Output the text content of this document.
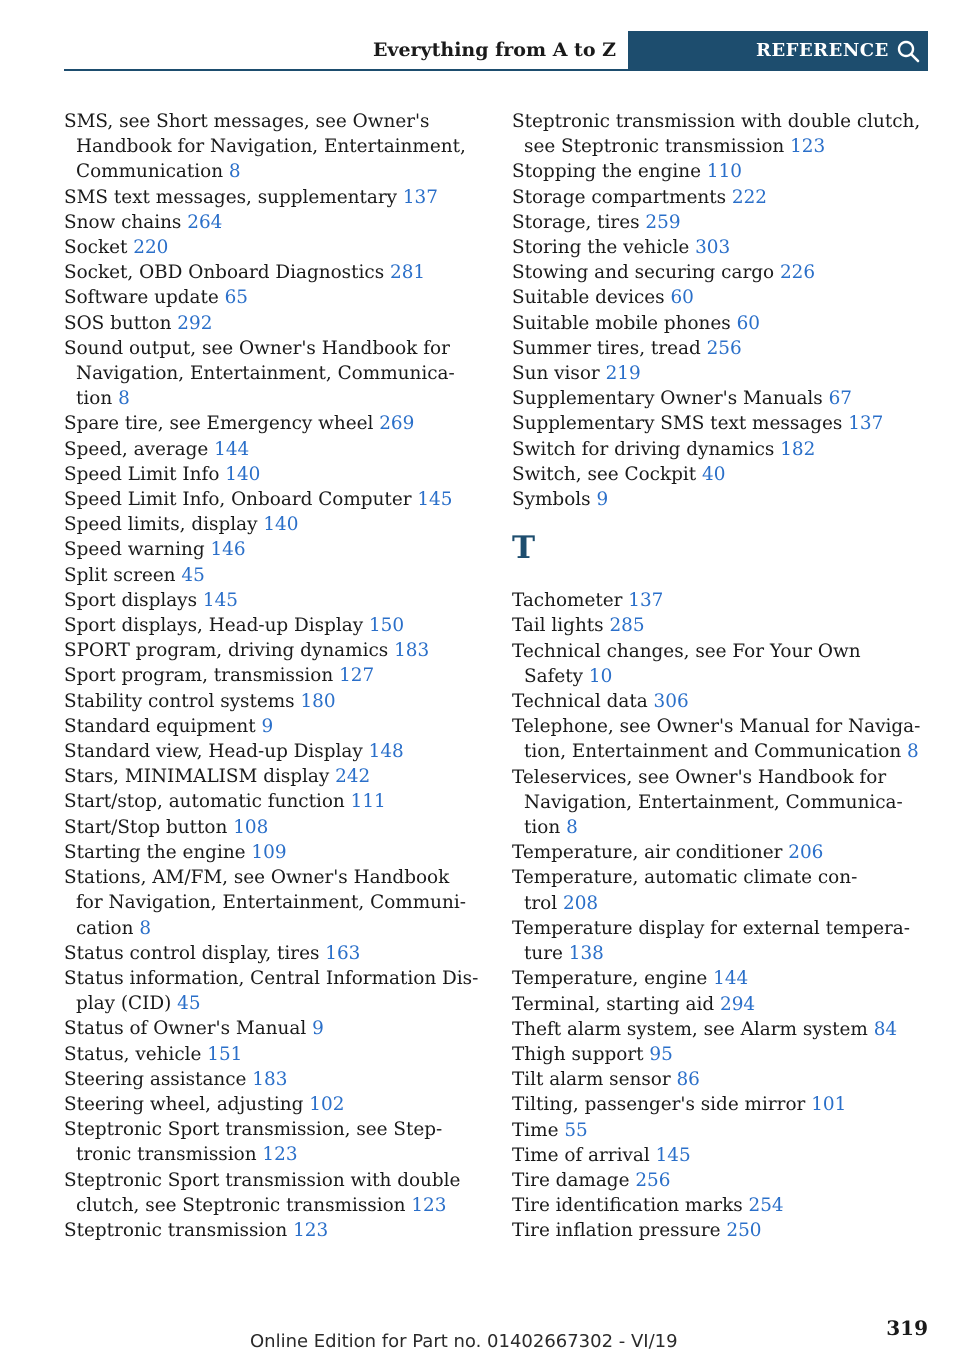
Everything from A to Z	REFERENCE
SMS, see Short messages, see Owner's
Handbook for Navigation, Entertainment,
Communication 8
SMS text messages, supplementary 137
Snow chains 264
Socket 220
Socket, OBD Onboard Diagnostics 281
Software update 65
SOS button 292
Sound output, see Owner's Handbook for
Navigation, Entertainment, Communica-
tion 8
Spare tire, see Emergency wheel 269
Speed, average 144
Speed Limit Info 140
Speed Limit Info, Onboard Computer 145
Speed limits, display 140
Speed warning 146
Split screen 45
Sport displays 145
Sport displays, Head-up Display 150
SPORT program, driving dynamics 183
Sport program, transmission 127
Stability control systems 180
Standard equipment 9
Standard view, Head-up Display 148
Stars, MINIMALISM display 242
Start/stop, automatic function 111
Start/Stop button 108
Starting the engine 109
Stations, AM/FM, see Owner's Handbook
for Navigation, Entertainment, Communi-
cation 8
Status control display, tires 163
Status information, Central Information Dis-
play (CID) 45
Status of Owner's Manual 9
Status, vehicle 151
Steering assistance 183
Steering wheel, adjusting 102
Steptronic Sport transmission, see Step-
tronic transmission 123
Steptronic Sport transmission with double
clutch, see Steptronic transmission 123
Steptronic transmission 123
Steptronic transmission with double clutch,
see Steptronic transmission 123
Stopping the engine 110
Storage compartments 222
Storage, tires 259
Storing the vehicle 303
Stowing and securing cargo 226
Suitable devices 60
Suitable mobile phones 60
Summer tires, tread 256
Sun visor 219
Supplementary Owner's Manuals 67
Supplementary SMS text messages 137
Switch for driving dynamics 182
Switch, see Cockpit 40
Symbols 9
T
Tachometer 137
Tail lights 285
Technical changes, see For Your Own
Safety 10
Technical data 306
Telephone, see Owner's Manual for Naviga-
tion, Entertainment and Communication 8
Teleservices, see Owner's Handbook for
Navigation, Entertainment, Communica-
tion 8
Temperature, air conditioner 206
Temperature, automatic climate con-
trol 208
Temperature display for external tempera-
ture 138
Temperature, engine 144
Terminal, starting aid 294
Theft alarm system, see Alarm system 84
Thigh support 95
Tilt alarm sensor 86
Tilting, passenger's side mirror 101
Time 55
Time of arrival 145
Tire damage 256
Tire identification marks 254
Tire inflation pressure 250
319
Online Edition for Part no. 01402667302 - VI/19
